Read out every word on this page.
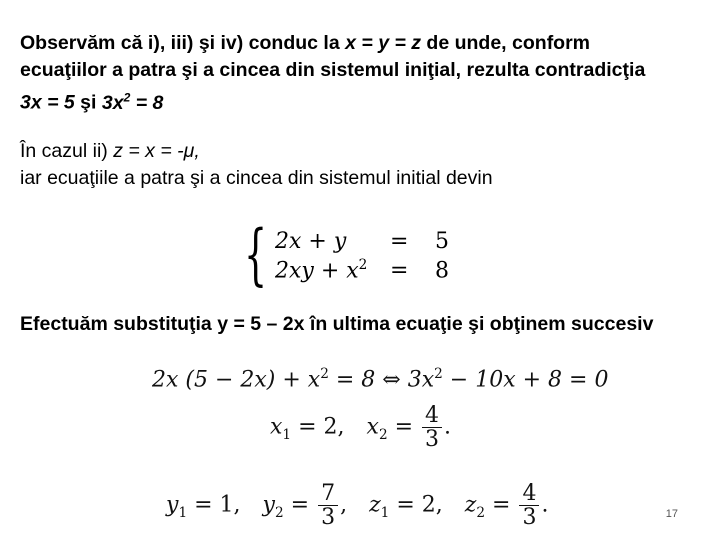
Observăm că i), iii) şi iv) conduc la x = y = z de unde, conform
ecuaţiilor a patra şi a cincea din sistemul iniţial, rezulta contradicţia
3x = 5 şi $3x^2 = 8$
În cazul ii) z = x = -μ,
iar ecuaţiile a patra şi a cincea din sistemul initial devin
{ 2x + y = 5
$2xy + x^2 = 8$
Efectuăm substituţia y = 5 – 2x în ultima ecuaţie şi obţinem succesiv
2x $(5 - 2x) + x^2 = 8$ ⇔ $3x^2 - 10x + 8 = 0$
$x_1 = 2$, $x_2 = \frac{4}{3}$ .
$y_1 = 1$, $y_2 = \frac{7}{3}$ , $z_1 = 2$, $z_2 = \frac{4}{3}$ .	17
